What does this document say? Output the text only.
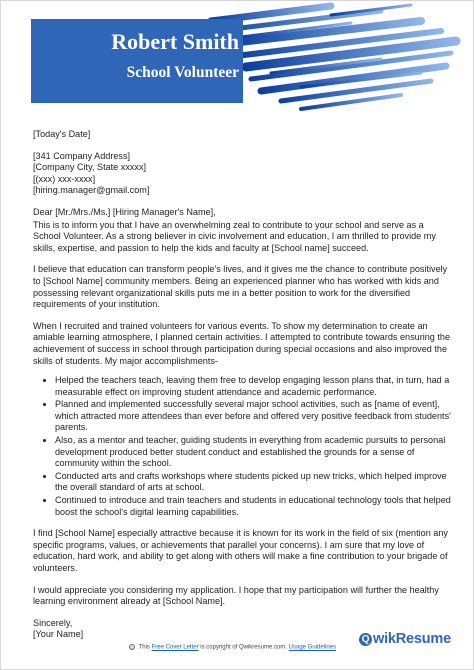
Robert Smith
School Volunteer

[Today's Date]

[341 Company Address]
[Company City, State xxxxx]
[(xxx) xxx-xxxx]
[hiring.manager@gmail.com]

Dear [Mr./Mrs./Ms.] [Hiring Manager's Name],

This is to inform you that I have an overwhelming zeal to contribute to your school and serve as a School Volunteer. As a strong believer in civic involvement and education, I am thrilled to provide my skills, expertise, and passion to help the kids and faculty at [School name] succeed.

I believe that education can transform people's lives, and it gives me the chance to contribute positively to [School Name] community members. Being an experienced planner who has worked with kids and possessing relevant organizational skills puts me in a better position to work for the diversified requirements of your institution.

When I recruited and trained volunteers for various events. To show my determination to create an amiable learning atmosphere, I planned certain activities. I attempted to contribute towards ensuring the achievement of success in school through participation during special occasions and also improved the skills of students. My major accomplishments-

• Helped the teachers teach, leaving them free to develop engaging lesson plans that, in turn, had a measurable effect on improving student attendance and academic performance.
• Planned and implemented successfully several major school activities, such as [name of event], which attracted more attendees than ever before and offered very positive feedback from students' parents.
• Also, as a mentor and teacher, guiding students in everything from academic pursuits to personal development produced better student conduct and established the grounds for a sense of community within the school.
• Conducted arts and crafts workshops where students picked up new tricks, which helped improve the overall standard of arts at school.
• Continued to introduce and train teachers and students in educational technology tools that helped boost the school's digital learning capabilities.

I find [School Name] especially attractive because it is known for its work in the field of six (mention any specific programs, values, or achievements that parallel your concerns). I am sure that my love of education, hard work, and ability to get along with others will make a fine contribution to your brigade of volunteers.

I would appreciate you considering my application. I hope that my participation will further the healthy learning environment already at [School Name].

Sincerely,
[Your Name]

© This Free Cover Letter is copyright of Qwikresume.com. Usage Guidelines
Q wikResume
